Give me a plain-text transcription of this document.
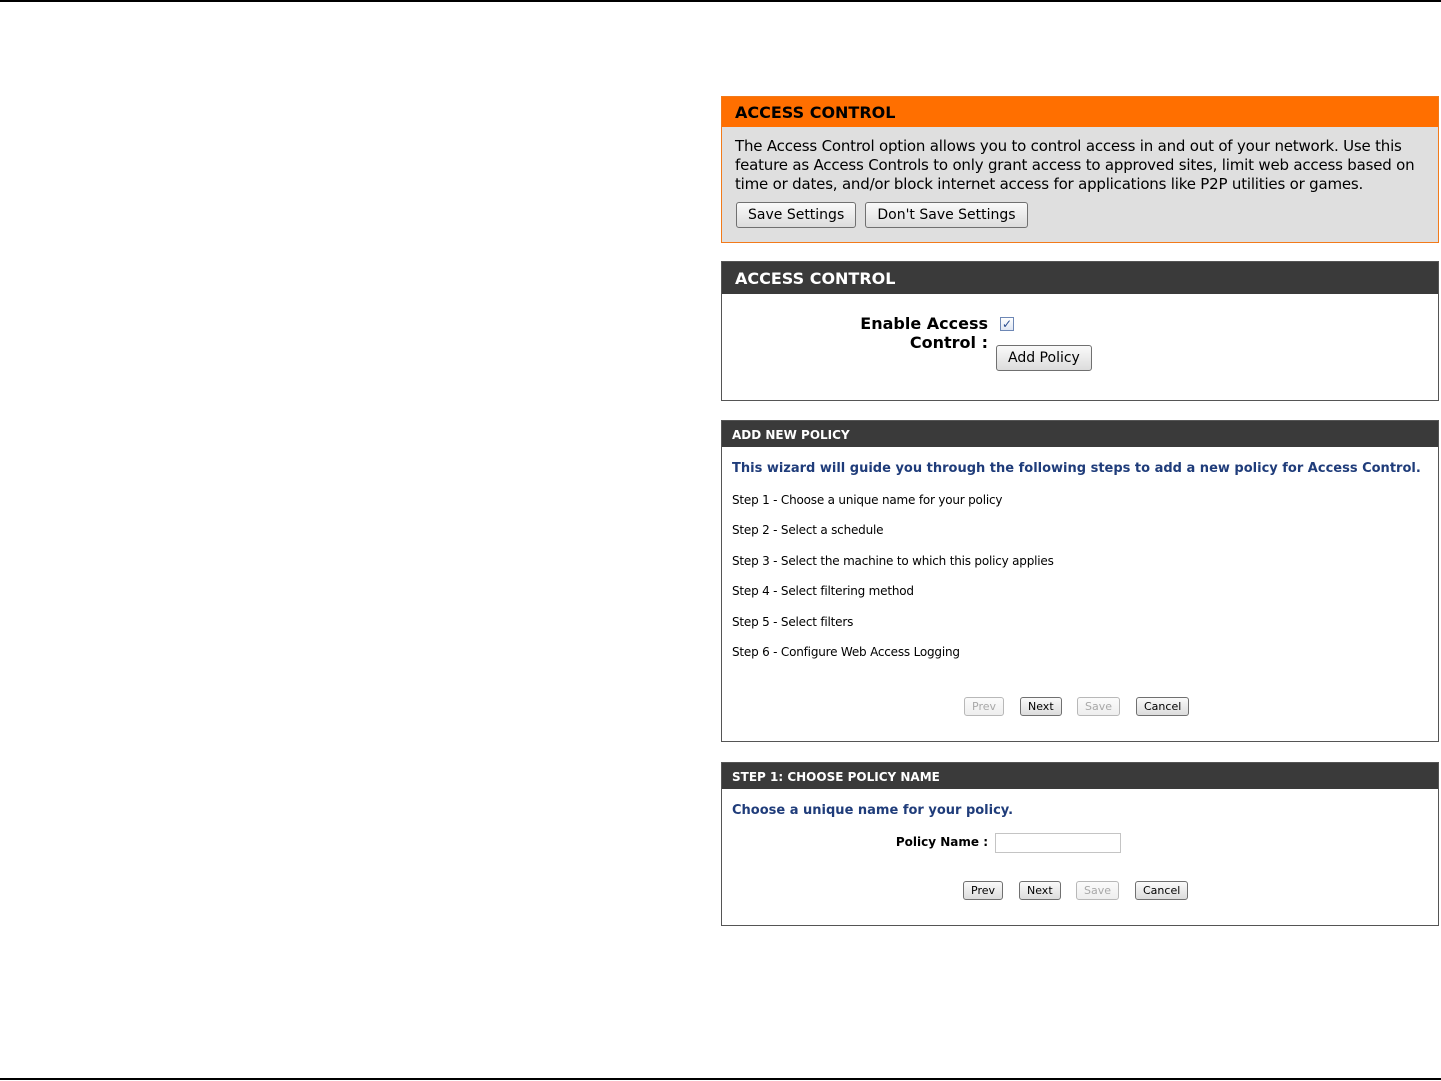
ACCESS CONTROL
The Access Control option allows you to control access in and out of your network. Use this feature as Access Controls to only grant access to approved sites, limit web access based on time or dates, and/or block internet access for applications like P2P utilities or games.
Save Settings Don't Save Settings
ACCESS CONTROL
Enable Access Control :
✓
Add Policy
ADD NEW POLICY
This wizard will guide you through the following steps to add a new policy for Access Control.
Step 1 - Choose a unique name for your policy
Step 2 - Select a schedule
Step 3 - Select the machine to which this policy applies
Step 4 - Select filtering method
Step 5 - Select filters
Step 6 - Configure Web Access Logging
Prev	Next	Save	Cancel
STEP 1: CHOOSE POLICY NAME
Choose a unique name for your policy.
Policy Name :
Prev	Next	Save	Cancel
